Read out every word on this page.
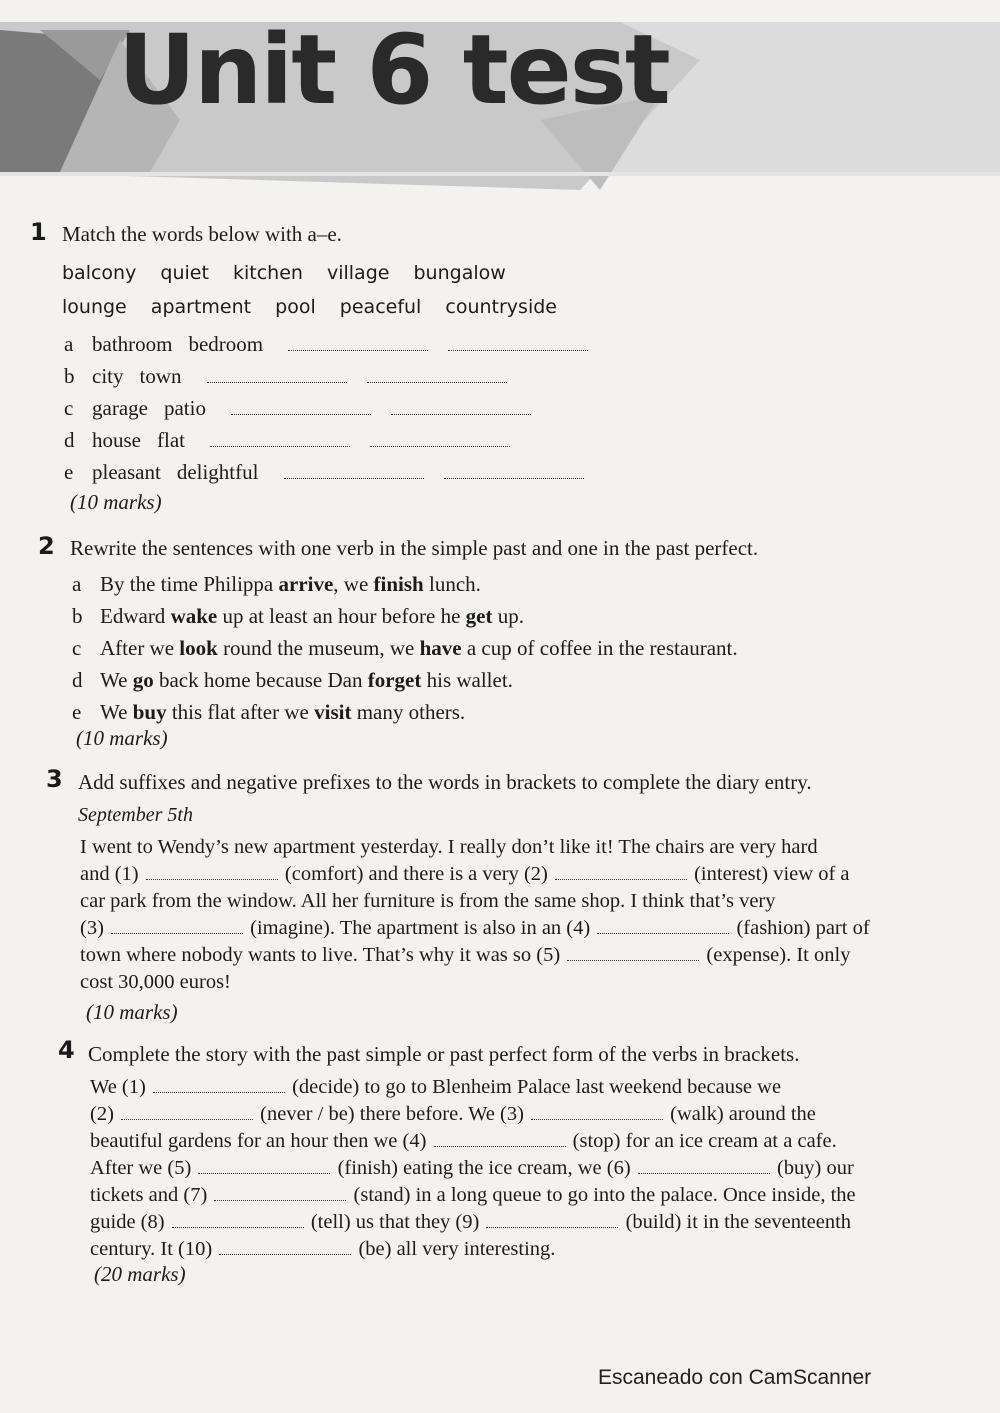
Unit 6 test
1 Match the words below with a–e.
balcony quiet kitchen village bungalow
lounge apartment pool peaceful countryside
a bathroom bedroom
b city town
c garage patio
d house flat
e pleasant delightful
(10 marks)
2 Rewrite the sentences with one verb in the simple past and one in the past perfect.
a By the time Philippa arrive, we finish lunch.
b Edward wake up at least an hour before he get up.
c After we look round the museum, we have a cup of coffee in the restaurant.
d We go back home because Dan forget his wallet.
e We buy this flat after we visit many others.
(10 marks)
3 Add suffixes and negative prefixes to the words in brackets to complete the diary entry.
September 5th
I went to Wendy’s new apartment yesterday. I really don’t like it! The chairs are very hard
and (1)	(comfort) and there is a very (2)	(interest) view of a
car park from the window. All her furniture is from the same shop. I think that’s very
(3)	(imagine). The apartment is also in an (4)	(fashion) part of
town where nobody wants to live. That’s why it was so (5)	(expense). It only
cost 30,000 euros!
(10 marks)
4 Complete the story with the past simple or past perfect form of the verbs in brackets.
We (1)	(decide) to go to Blenheim Palace last weekend because we
(2)	(never / be) there before. We (3)	(walk) around the
beautiful gardens for an hour then we (4)	(stop) for an ice cream at a cafe.
After we (5)	(finish) eating the ice cream, we (6)	(buy) our
tickets and (7)	(stand) in a long queue to go into the palace. Once inside, the
guide (8)	(tell) us that they (9)	(build) it in the seventeenth
century. It (10)	(be) all very interesting.
(20 marks)
Escaneado con CamScanner
